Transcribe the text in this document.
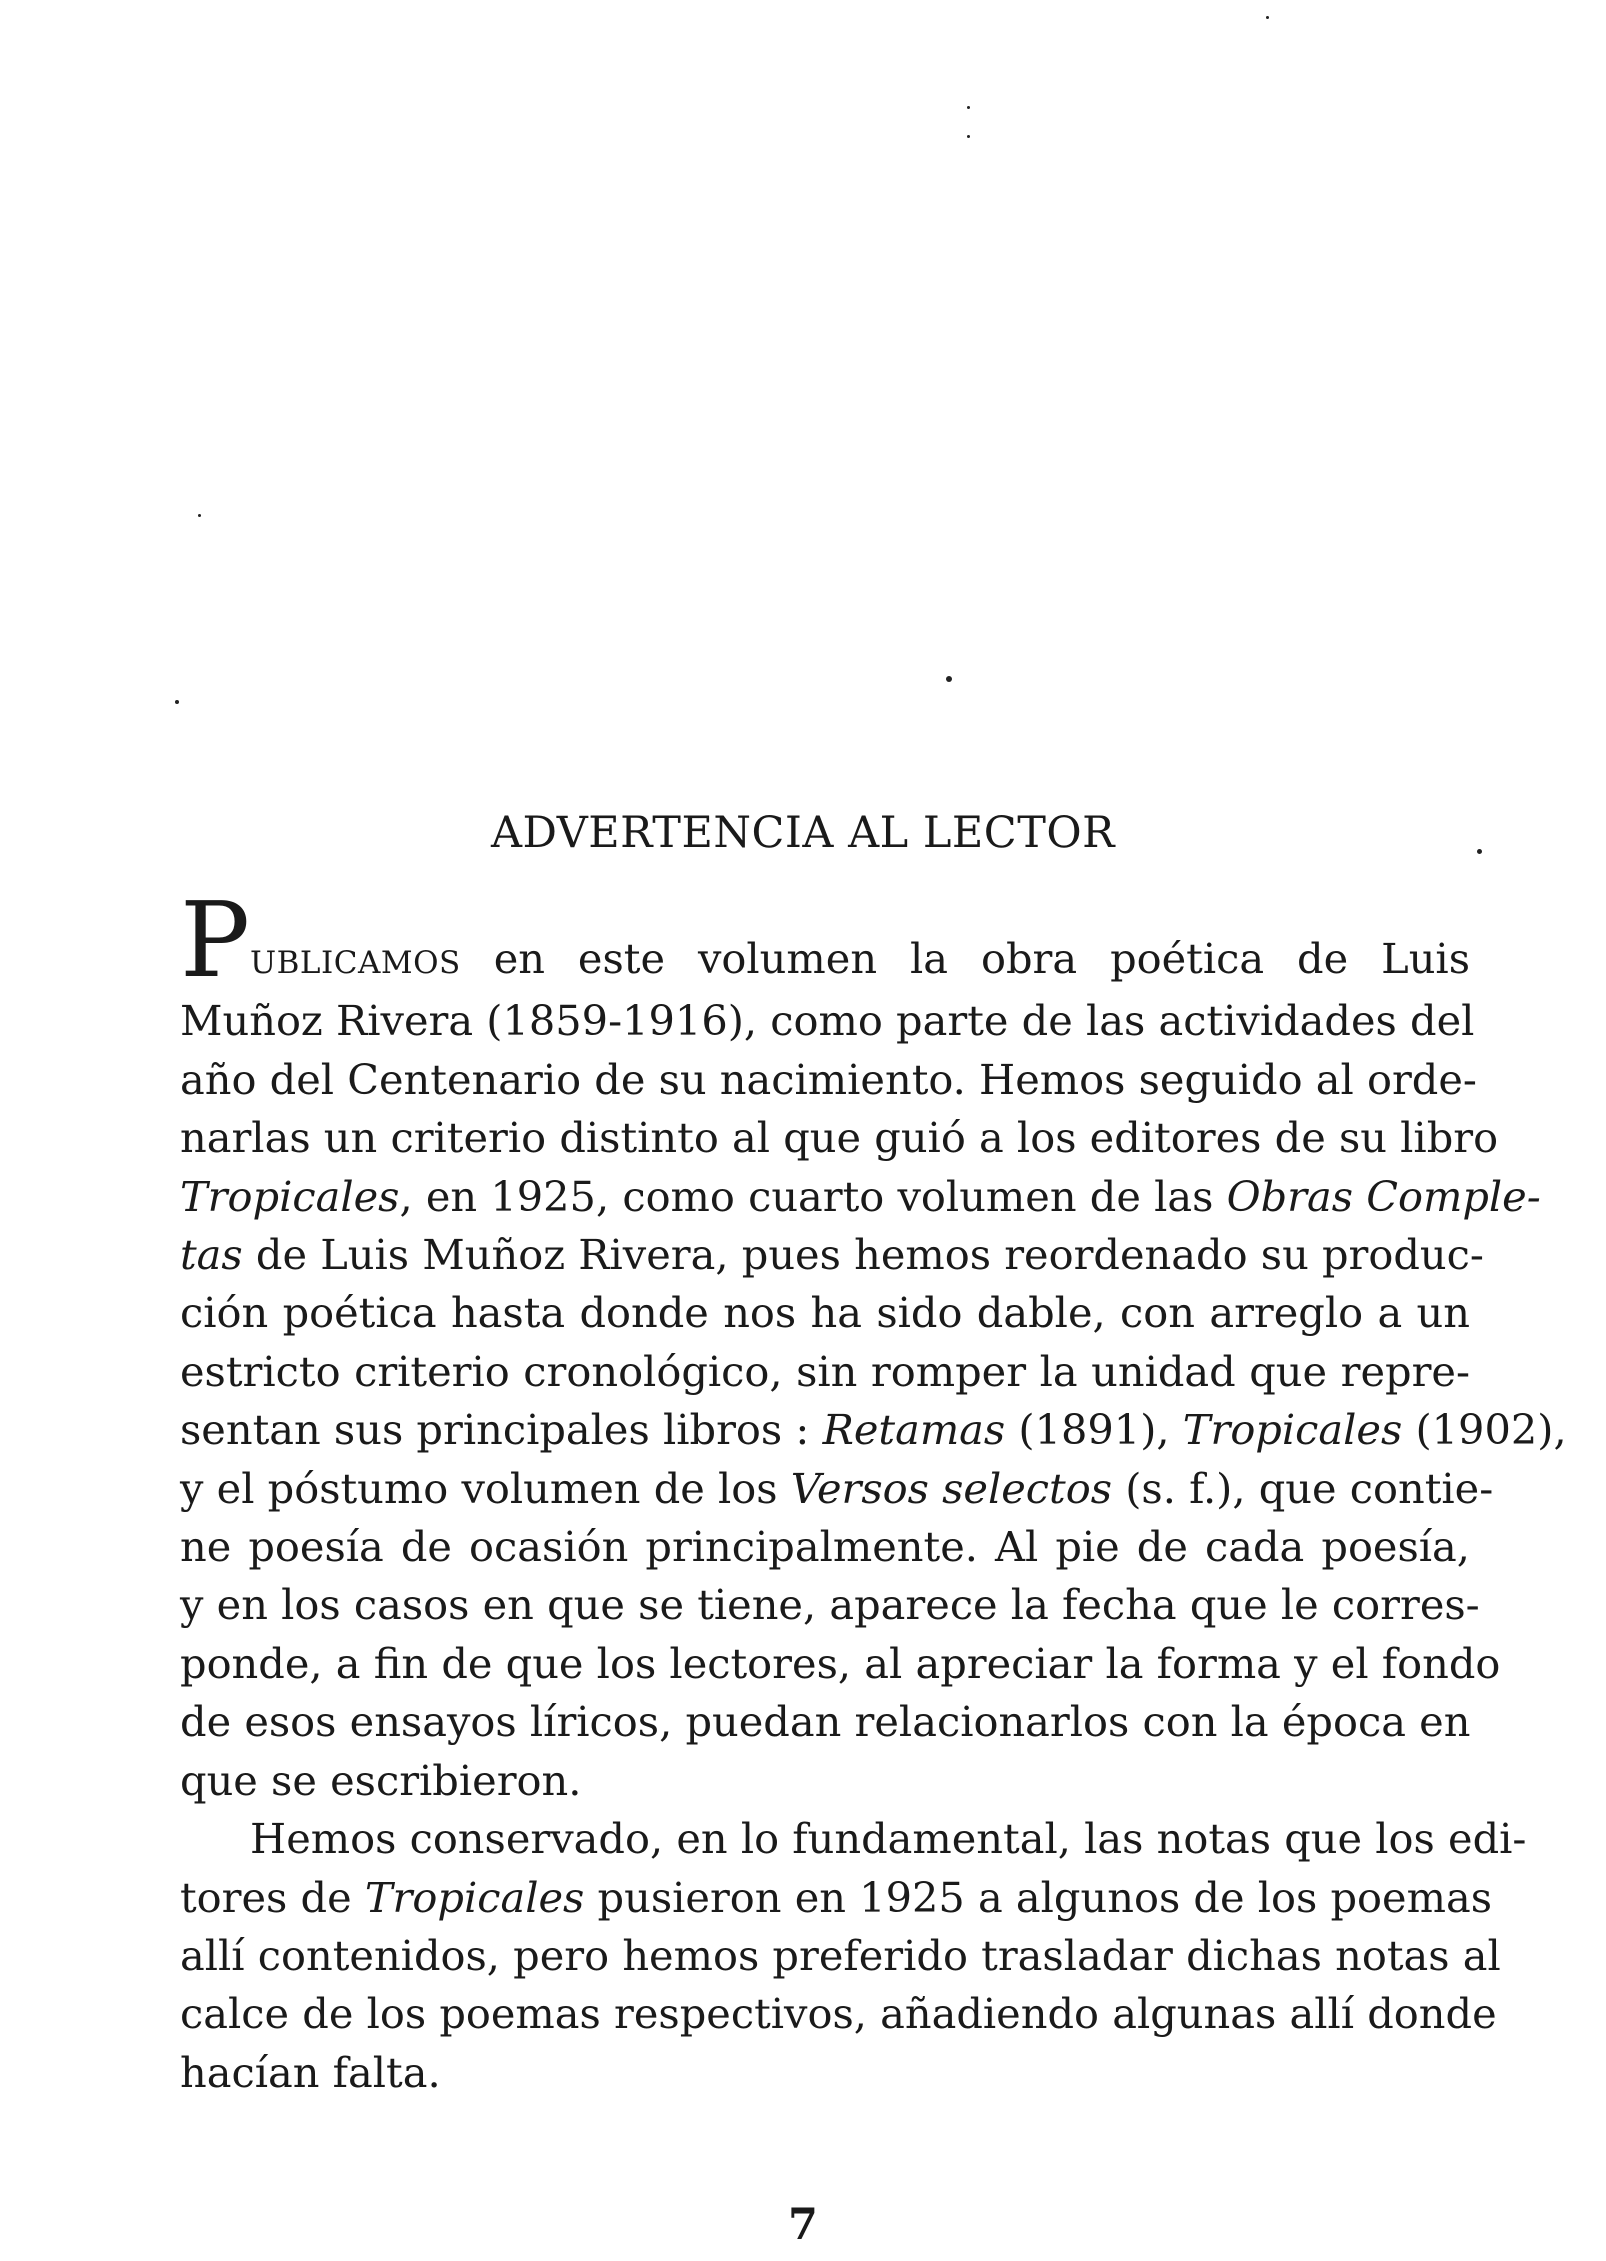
ADVERTENCIA AL LECTOR
PUBLICAMOS en este volumen la obra poética de Luis
Muñoz Rivera (1859-1916), como parte de las actividades del
año del Centenario de su nacimiento. Hemos seguido al orde-
narlas un criterio distinto al que guió a los editores de su libro
Tropicales, en 1925, como cuarto volumen de las Obras Comple-
tas de Luis Muñoz Rivera, pues hemos reordenado su produc-
ción poética hasta donde nos ha sido dable, con arreglo a un
estricto criterio cronológico, sin romper la unidad que repre-
sentan sus principales libros : Retamas (1891), Tropicales (1902),
y el póstumo volumen de los Versos selectos (s. f.), que contie-
ne poesía de ocasión principalmente. Al pie de cada poesía,
y en los casos en que se tiene, aparece la fecha que le corres-
ponde, a fin de que los lectores, al apreciar la forma y el fondo
de esos ensayos líricos, puedan relacionarlos con la época en
que se escribieron.
Hemos conservado, en lo fundamental, las notas que los edi-
tores de Tropicales pusieron en 1925 a algunos de los poemas
allí contenidos, pero hemos preferido trasladar dichas notas al
calce de los poemas respectivos, añadiendo algunas allí donde
hacían falta.
7
